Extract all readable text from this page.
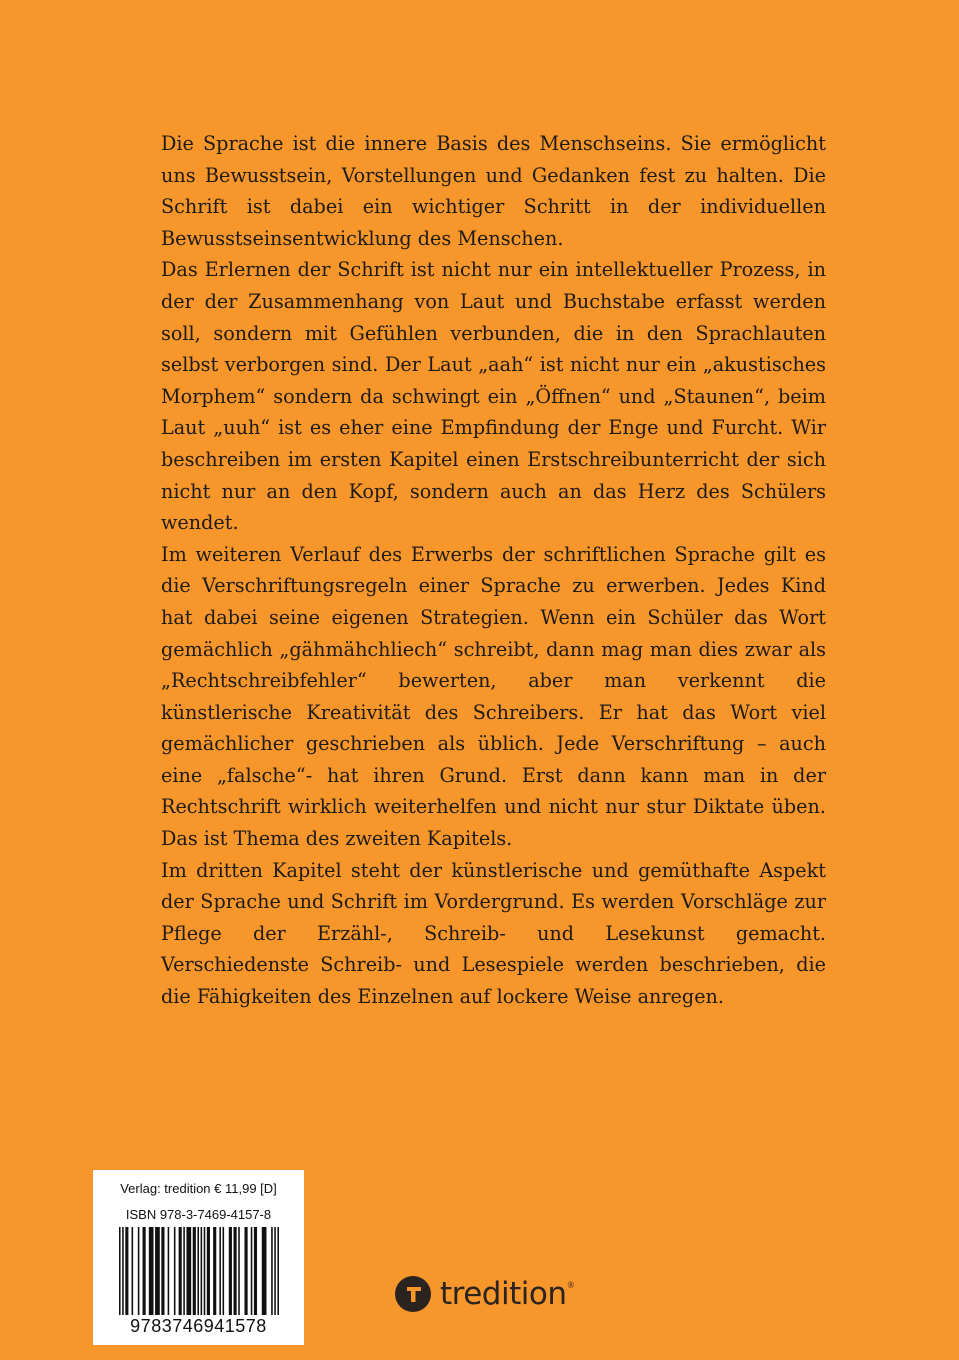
Die Sprache ist die innere Basis des Menschseins. Sie ermöglicht uns Bewusstsein, Vorstellungen und Gedanken fest zu halten. Die Schrift ist dabei ein wichtiger Schritt in der individuellen Bewusstseinsentwicklung des Menschen.

Das Erlernen der Schrift ist nicht nur ein intellektueller Prozess, in der der Zusammenhang von Laut und Buchstabe erfasst werden soll, sondern mit Gefühlen verbunden, die in den Sprachlauten selbst verborgen sind. Der Laut „aah“ ist nicht nur ein „akustisches Morphem“ sondern da schwingt ein „Öffnen“ und „Staunen“, beim Laut „uuh“ ist es eher eine Empfindung der Enge und Furcht. Wir beschreiben im ersten Kapitel einen Erstschreibunterricht der sich nicht nur an den Kopf, sondern auch an das Herz des Schülers wendet.

Im weiteren Verlauf des Erwerbs der schriftlichen Sprache gilt es die Verschriftungsregeln einer Sprache zu erwerben. Jedes Kind hat dabei seine eigenen Strategien. Wenn ein Schüler das Wort gemächlich „gähmähchliech“ schreibt, dann mag man dies zwar als „Rechtschreibfehler“ bewerten, aber man verkennt die künstlerische Kreativität des Schreibers. Er hat das Wort viel gemächlicher geschrieben als üblich. Jede Verschriftung – auch eine „falsche“- hat ihren Grund. Erst dann kann man in der Rechtschrift wirklich weiterhelfen und nicht nur stur Diktate üben. Das ist Thema des zweiten Kapitels.

Im dritten Kapitel steht der künstlerische und gemüthafte Aspekt der Sprache und Schrift im Vordergrund. Es werden Vorschläge zur Pflege der Erzähl-, Schreib- und Lesekunst gemacht. Verschiedenste Schreib- und Lesespiele werden beschrieben, die die Fähigkeiten des Einzelnen auf lockere Weise anregen.

Verlag: tredition € 11,99 [D]
ISBN 978-3-7469-4157-8
9783746941578
tredition ®
